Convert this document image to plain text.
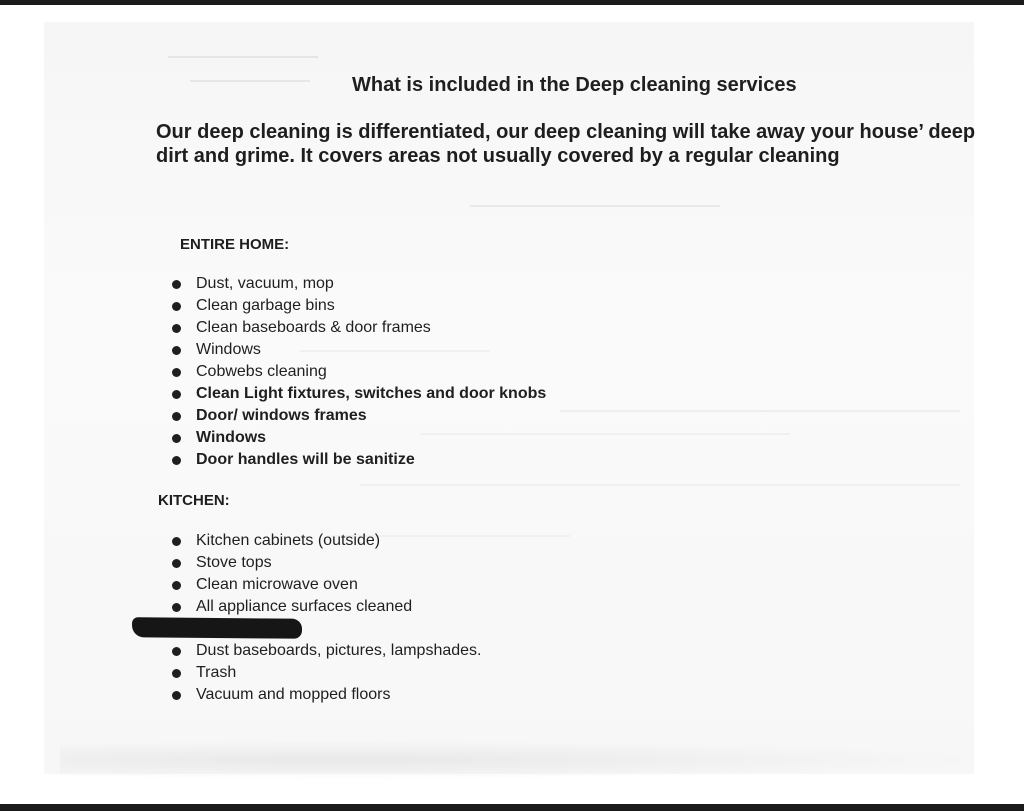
What is included in the Deep cleaning services

Our deep cleaning is differentiated, our deep cleaning will take away your house’ deep dirt and grime. It covers areas not usually covered by a regular cleaning

ENTIRE HOME:
Dust, vacuum, mop
Clean garbage bins
Clean baseboards & door frames
Windows
Cobwebs cleaning
Clean Light fixtures, switches and door knobs
Door/ windows frames
Windows
Door handles will be sanitize
KITCHEN:
Kitchen cabinets (outside)
Stove tops
Clean microwave oven
All appliance surfaces cleaned
Dust baseboards, pictures, lampshades.
Trash
Vacuum and mopped floors
